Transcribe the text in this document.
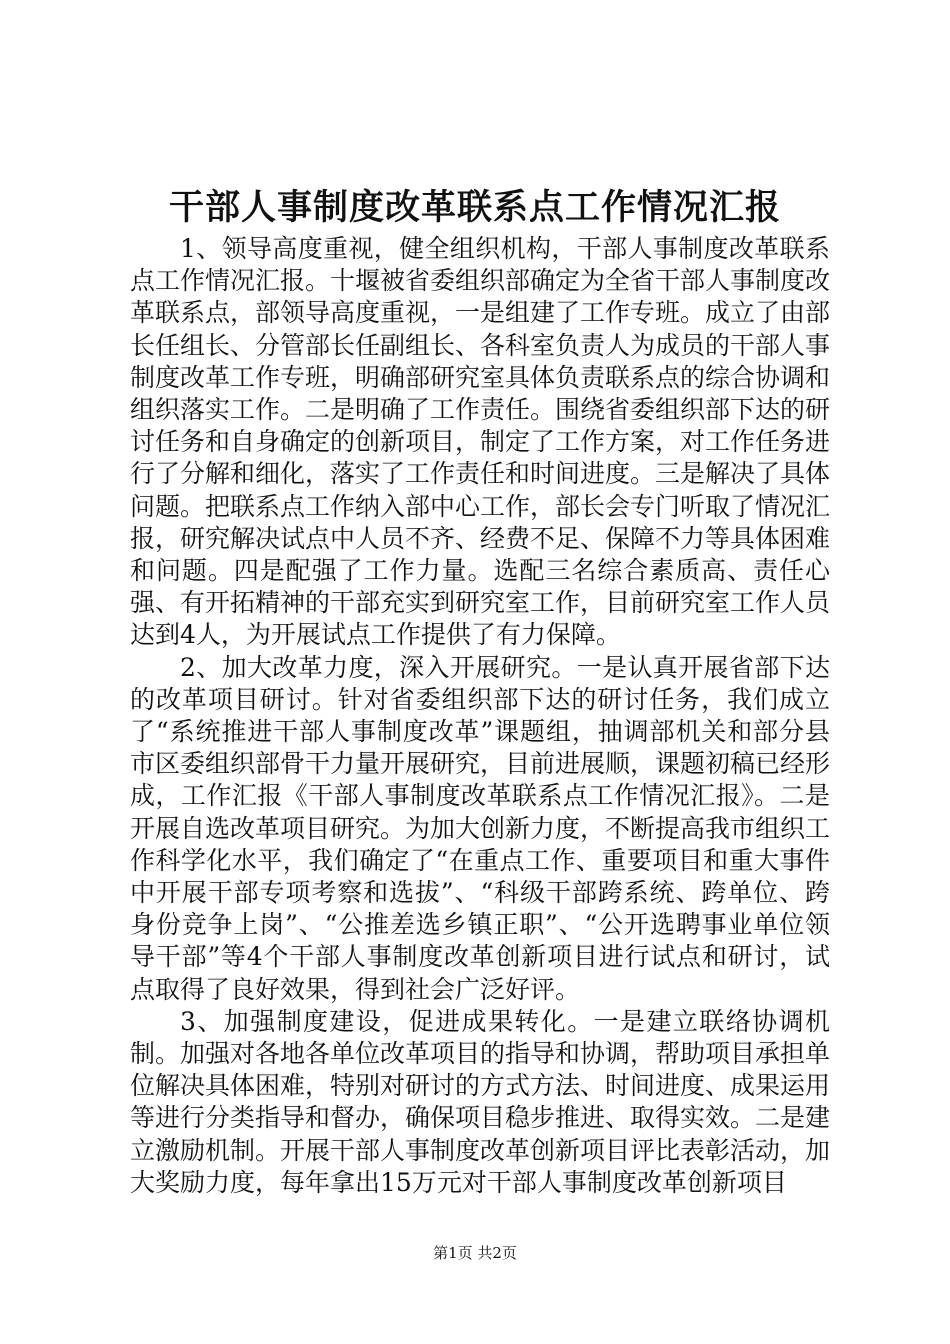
干部人事制度改革联系点工作情况汇报

1、领导高度重视，健全组织机构，干部人事制度改革联系点工作情况汇报。十堰被省委组织部确定为全省干部人事制度改革联系点，部领导高度重视，一是组建了工作专班。成立了由部长任组长、分管部长任副组长、各科室负责人为成员的干部人事制度改革工作专班，明确部研究室具体负责联系点的综合协调和组织落实工作。二是明确了工作责任。围绕省委组织部下达的研讨任务和自身确定的创新项目，制定了工作方案，对工作任务进行了分解和细化，落实了工作责任和时间进度。三是解决了具体问题。把联系点工作纳入部中心工作，部长会专门听取了情况汇报，研究解决试点中人员不齐、经费不足、保障不力等具体困难和问题。四是配强了工作力量。选配三名综合素质高、责任心强、有开拓精神的干部充实到研究室工作，目前研究室工作人员达到4人，为开展试点工作提供了有力保障。

2、加大改革力度，深入开展研究。一是认真开展省部下达的改革项目研讨。针对省委组织部下达的研讨任务，我们成立了“系统推进干部人事制度改革”课题组，抽调部机关和部分县市区委组织部骨干力量开展研究，目前进展顺，课题初稿已经形成，工作汇报《干部人事制度改革联系点工作情况汇报》。二是开展自选改革项目研究。为加大创新力度，不断提高我市组织工作科学化水平，我们确定了“在重点工作、重要项目和重大事件中开展干部专项考察和选拔”、“科级干部跨系统、跨单位、跨身份竞争上岗”、“公推差选乡镇正职”、“公开选聘事业单位领导干部”等4个干部人事制度改革创新项目进行试点和研讨，试点取得了良好效果，得到社会广泛好评。

3、加强制度建设，促进成果转化。一是建立联络协调机制。加强对各地各单位改革项目的指导和协调，帮助项目承担单位解决具体困难，特别对研讨的方式方法、时间进度、成果运用等进行分类指导和督办，确保项目稳步推进、取得实效。二是建立激励机制。开展干部人事制度改革创新项目评比表彰活动，加大奖励力度，每年拿出15万元对干部人事制度改革创新项目

第1页 共2页
